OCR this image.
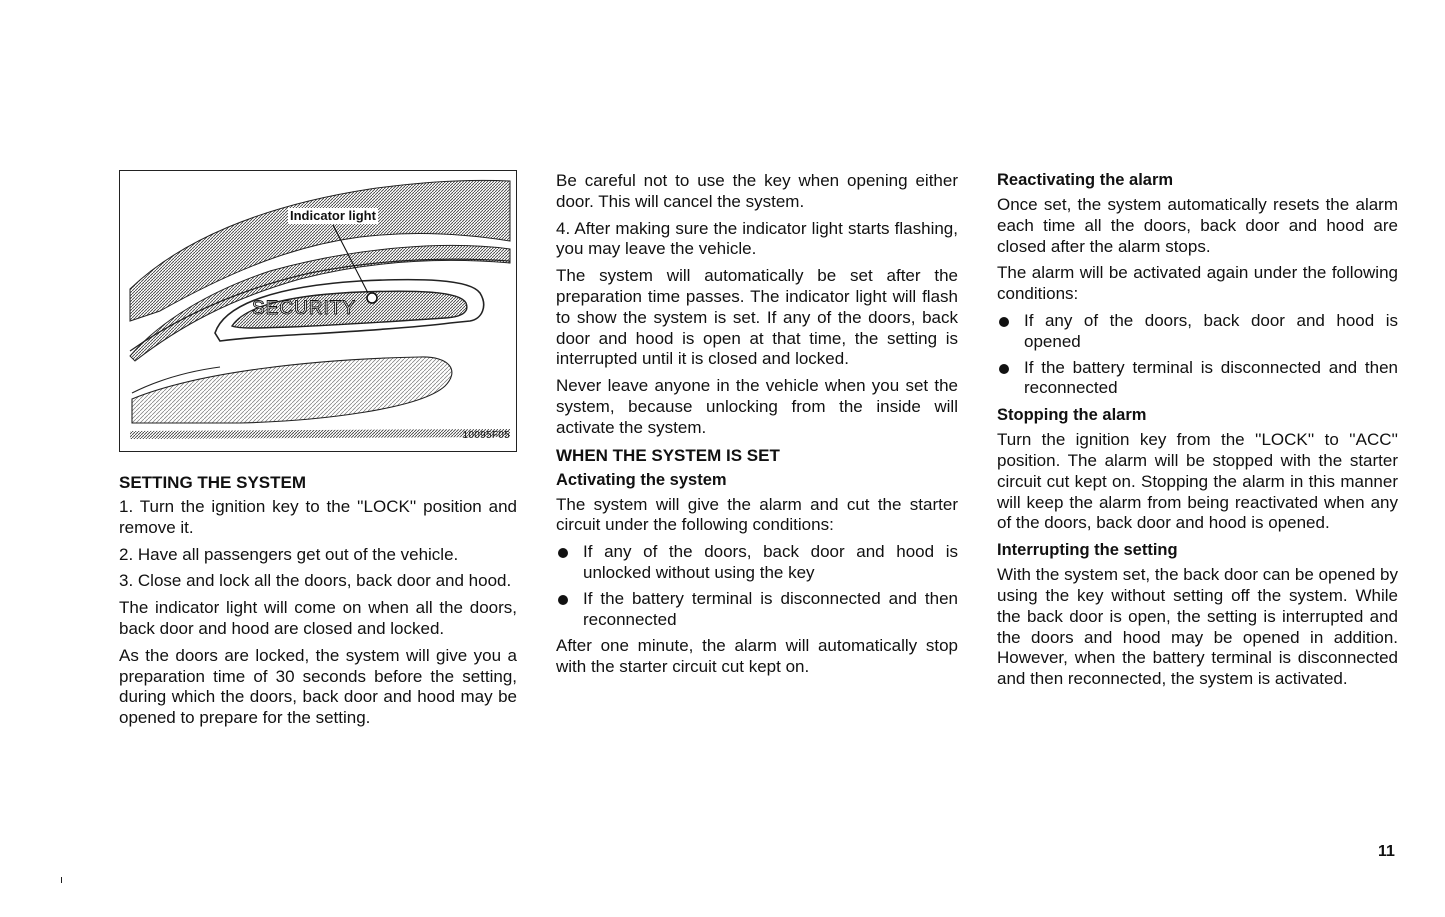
SECURITY
Indicator light
10095F05
SETTING THE SYSTEM

1. Turn the ignition key to the ''LOCK'' position and remove it.

2. Have all passengers get out of the vehicle.

3. Close and lock all the doors, back door and hood.

The indicator light will come on when all the doors, back door and hood are closed and locked.

As the doors are locked, the system will give you a preparation time of 30 seconds before the setting, during which the doors, back door and hood may be opened to prepare for the setting.

Be careful not to use the key when opening either door. This will cancel the system.

4. After making sure the indicator light starts flashing, you may leave the vehicle.

The system will automatically be set after the preparation time passes. The indicator light will flash to show the system is set. If any of the doors, back door and hood is open at that time, the setting is interrupted until it is closed and locked.

Never leave anyone in the vehicle when you set the system, because unlocking from the inside will activate the system.

WHEN THE SYSTEM IS SET
Activating the system

The system will give the alarm and cut the starter circuit under the following conditions:

If any of the doors, back door and hood is unlocked without using the key
If the battery terminal is disconnected and then reconnected

After one minute, the alarm will automatically stop with the starter circuit cut kept on.

Reactivating the alarm

Once set, the system automatically resets the alarm each time all the doors, back door and hood are closed after the alarm stops.

The alarm will be activated again under the following conditions:

If any of the doors, back door and hood is opened
If the battery terminal is disconnected and then reconnected
Stopping the alarm

Turn the ignition key from the ''LOCK'' to ''ACC'' position. The alarm will be stopped with the starter circuit cut kept on. Stopping the alarm in this manner will keep the alarm from being reactivated when any of the doors, back door and hood is opened.

Interrupting the setting

With the system set, the back door can be opened by using the key without setting off the system. While the back door is open, the setting is interrupted and the doors and hood may be opened in addition. However, when the battery terminal is disconnected and then reconnected, the system is activated.

11
ı
